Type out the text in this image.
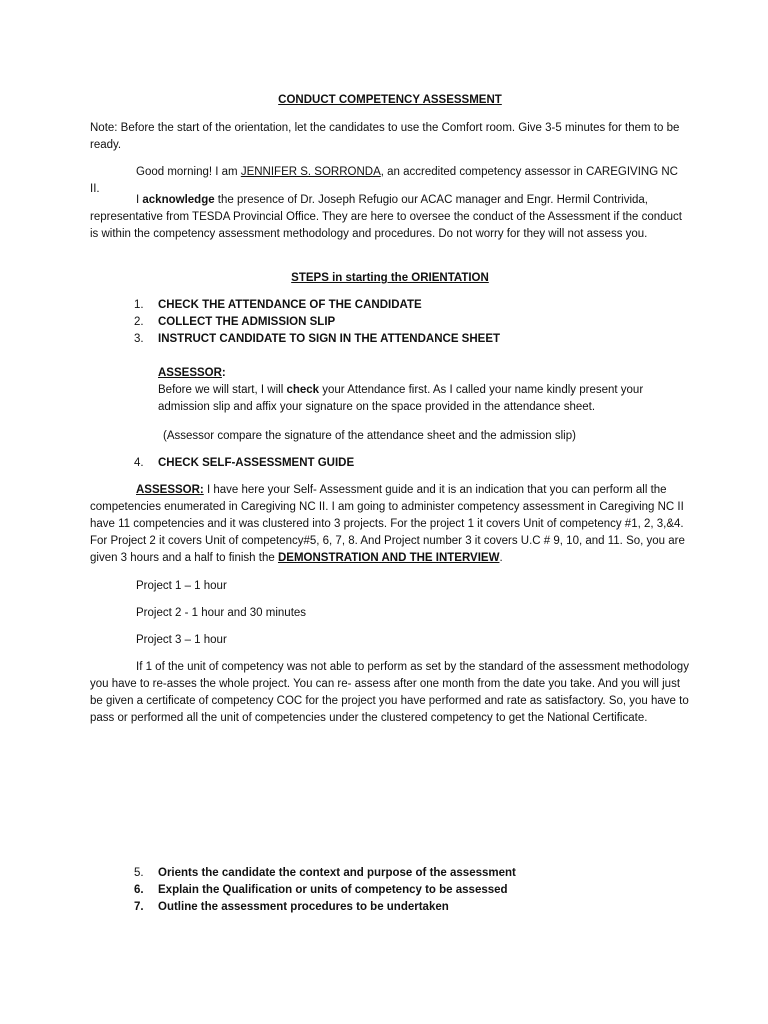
CONDUCT COMPETENCY ASSESSMENT

Note: Before the start of the orientation, let the candidates to use the Comfort room. Give 3-5 minutes for them to be ready.

Good morning! I am JENNIFER S. SORRONDA, an accredited competency assessor in CAREGIVING NC II.

I acknowledge the presence of Dr. Joseph Refugio our ACAC manager and Engr. Hermil Contrivida, representative from TESDA Provincial Office. They are here to oversee the conduct of the Assessment if the conduct is within the competency assessment methodology and procedures. Do not worry for they will not assess you.

STEPS in starting the ORIENTATION
1. CHECK THE ATTENDANCE OF THE CANDIDATE
2. COLLECT THE ADMISSION SLIP
3. INSTRUCT CANDIDATE TO SIGN IN THE ATTENDANCE SHEET
ASSESSOR:
Before we will start, I will check your Attendance first. As I called your name kindly present your admission slip and affix your signature on the space provided in the attendance sheet.
(Assessor compare the signature of the attendance sheet and the admission slip)
4. CHECK SELF-ASSESSMENT GUIDE

ASSESSOR: I have here your Self- Assessment guide and it is an indication that you can perform all the competencies enumerated in Caregiving NC II. I am going to administer competency assessment in Caregiving NC II have 11 competencies and it was clustered into 3 projects. For the project 1 it covers Unit of competency #1, 2, 3,&4. For Project 2 it covers Unit of competency#5, 6, 7, 8. And Project number 3 it covers U.C # 9, 10, and 11. So, you are given 3 hours and a half to finish the DEMONSTRATION AND THE INTERVIEW.

Project 1 – 1 hour
Project 2 - 1 hour and 30 minutes
Project 3 – 1 hour

If 1 of the unit of competency was not able to perform as set by the standard of the assessment methodology you have to re-asses the whole project. You can re- assess after one month from the date you take. And you will just be given a certificate of competency COC for the project you have performed and rate as satisfactory. So, you have to pass or performed all the unit of competencies under the clustered competency to get the National Certificate.

5. Orients the candidate the context and purpose of the assessment
6. Explain the Qualification or units of competency to be assessed
7. Outline the assessment procedures to be undertaken
